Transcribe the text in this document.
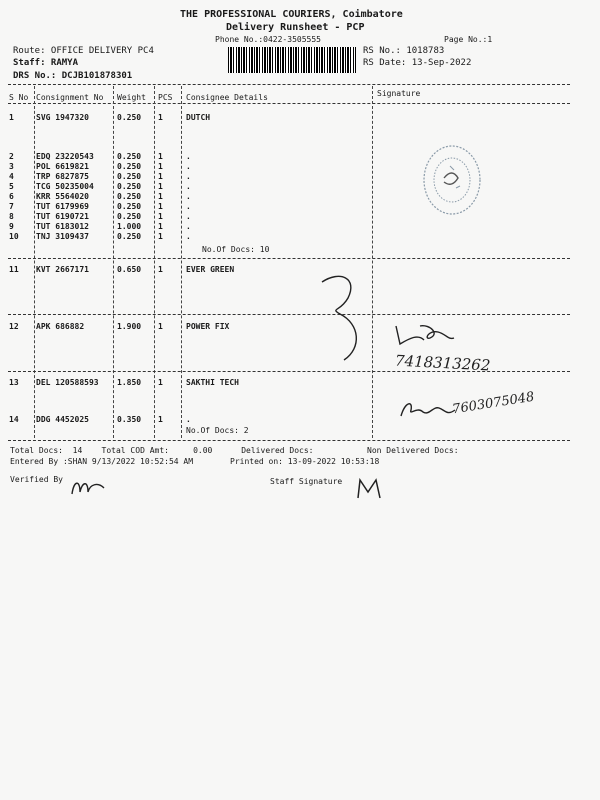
THE PROFESSIONAL COURIERS, Coimbatore
Delivery Runsheet - PCP
Phone No.:0422-3505555	Page No.:1
Route: OFFICE DELIVERY PC4
Staff: RAMYA
DRS No.: DCJB101878301
RS No.: 1018783
RS Date: 13-Sep-2022
S No Consignment No Weight PCS Consignee Details	Signature
1	SVG 1947320	0.250 1	DUTCH
2	EDQ 23220543	0.250 1	.
3	POL 6619821	0.250 1	.
4	TRP 6827875	0.250 1	.
5	TCG 50235004	0.250 1	.
6	KRR 5564020	0.250 1	.
7	TUT 6179969	0.250 1	.
8	TUT 6190721	0.250 1	.
9	TUT 6183012	1.000 1	.
10 TNJ 3109437	0.250 1	.
No.Of Docs: 10
11 KVT 2667171	0.650 1	EVER GREEN
12 APK 686882	1.900 1	POWER FIX
13 DEL 120588593 1.850 1	SAKTHI TECH
14 DDG 4452025	0.350 1	.
No.Of Docs: 2
Total Docs: 14 Total COD Amt:	0.00	Delivered Docs:	Non Delivered Docs:
Entered By :SHAN 9/13/2022 10:52:54 AM	Printed on: 13-09-2022 10:53:18
Verified By	Staff Signature
7418313262
7603075048
